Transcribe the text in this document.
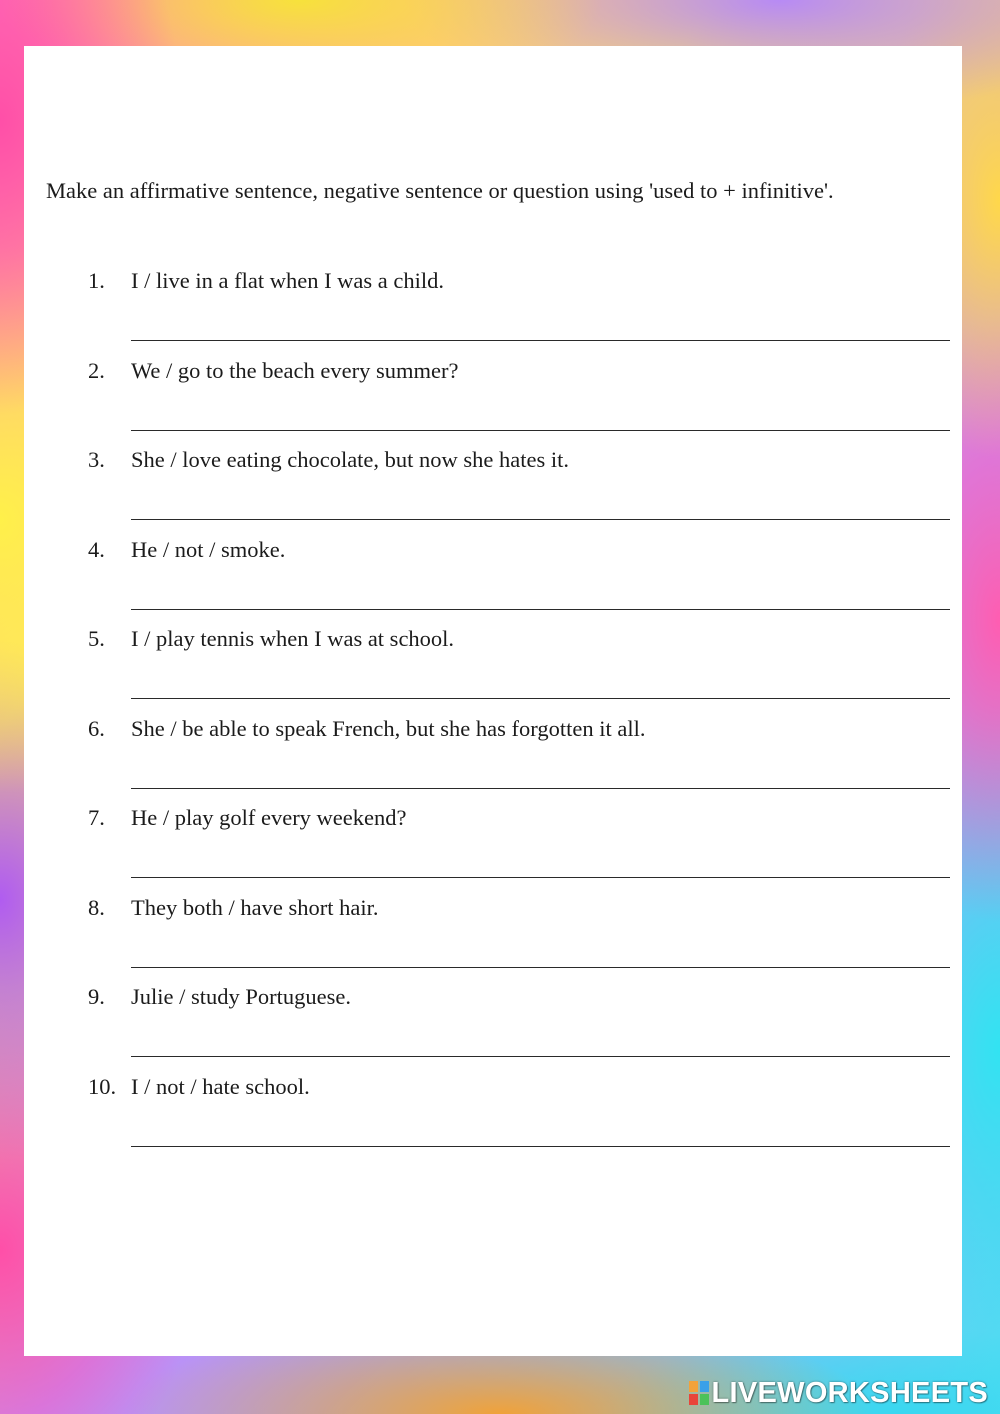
Make an affirmative sentence, negative sentence or question using 'used to + infinitive'.

1. I / live in a flat when I was a child.
2. We / go to the beach every summer?
3. She / love eating chocolate, but now she hates it.
4. He / not / smoke.
5. I / play tennis when I was at school.
6. She / be able to speak French, but she has forgotten it all.
7. He / play golf every weekend?
8. They both / have short hair.
9. Julie / study Portuguese.
10. I / not / hate school.
LIVEWORKSHEETS
